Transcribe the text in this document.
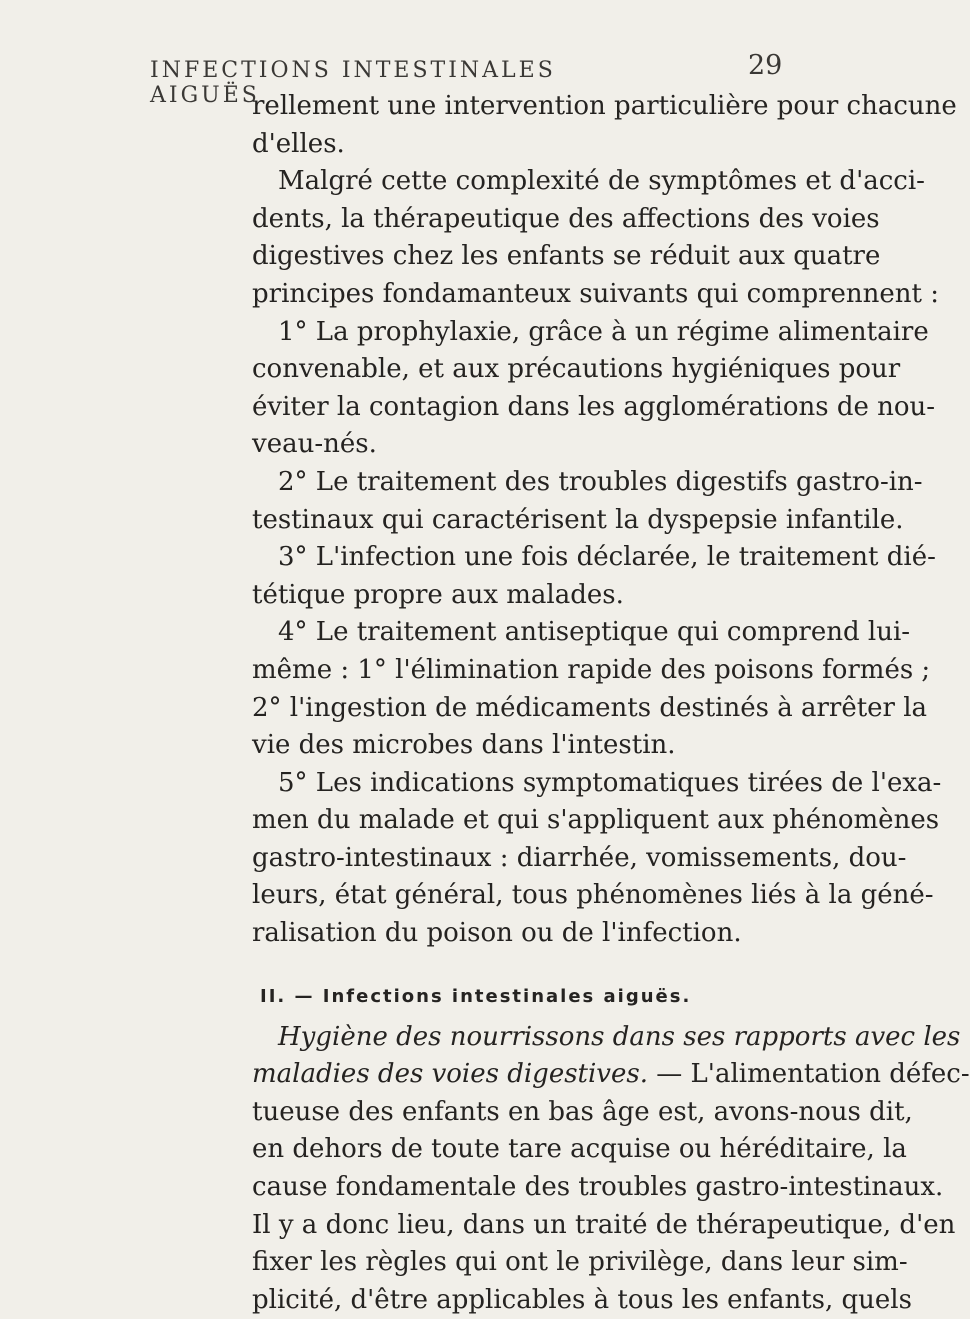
INFECTIONS INTESTINALES AIGUËS
29
rellement une intervention particulière pour chacune
d'elles.
Malgré cette complexité de symptômes et d'acci-
dents, la thérapeutique des affections des voies
digestives chez les enfants se réduit aux quatre
principes fondamanteux suivants qui comprennent :
1° La prophylaxie, grâce à un régime alimentaire
convenable, et aux précautions hygiéniques pour
éviter la contagion dans les agglomérations de nou-
veau-nés.
2° Le traitement des troubles digestifs gastro-in-
testinaux qui caractérisent la dyspepsie infantile.
3° L'infection une fois déclarée, le traitement dié-
tétique propre aux malades.
4° Le traitement antiseptique qui comprend lui-
même : 1° l'élimination rapide des poisons formés ;
2° l'ingestion de médicaments destinés à arrêter la
vie des microbes dans l'intestin.
5° Les indications symptomatiques tirées de l'exa-
men du malade et qui s'appliquent aux phénomènes
gastro-intestinaux : diarrhée, vomissements, dou-
leurs, état général, tous phénomènes liés à la géné-
ralisation du poison ou de l'infection.
II. — Infections intestinales aiguës.
Hygiène des nourrissons dans ses rapports avec les
maladies des voies digestives. — L'alimentation défec-
tueuse des enfants en bas âge est, avons-nous dit,
en dehors de toute tare acquise ou héréditaire, la
cause fondamentale des troubles gastro-intestinaux.
Il y a donc lieu, dans un traité de thérapeutique, d'en
fixer les règles qui ont le privilège, dans leur sim-
plicité, d'être applicables à tous les enfants, quels
